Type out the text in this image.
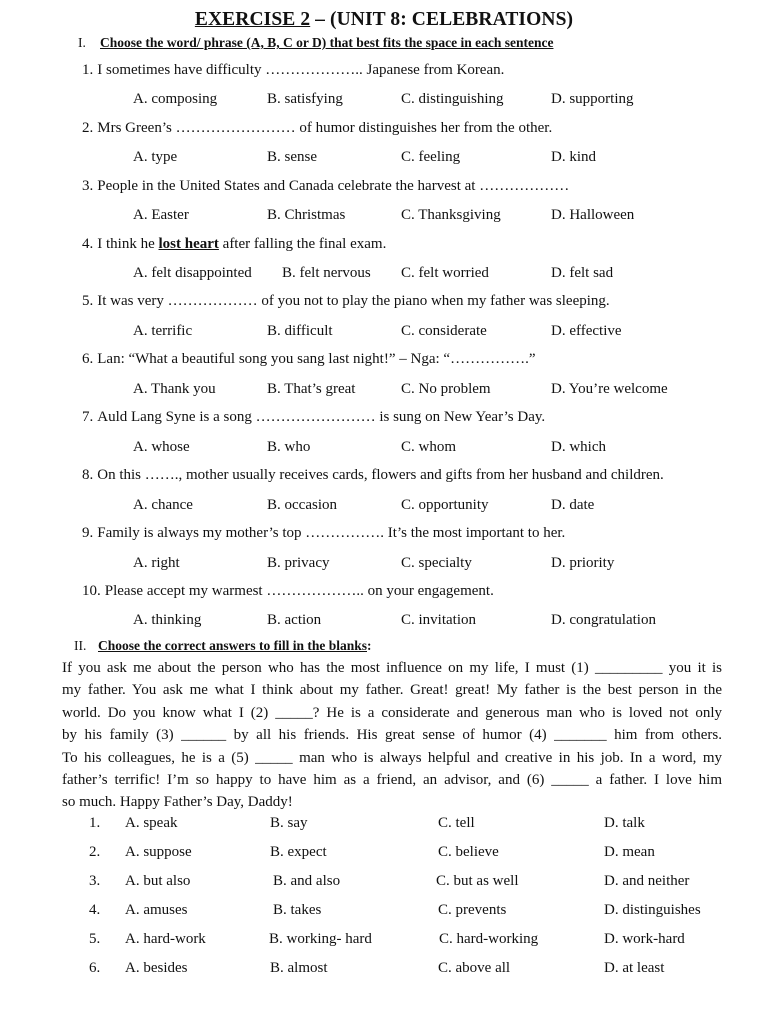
EXERCISE 2 – (UNIT 8: CELEBRATIONS)
I. Choose the word/ phrase (A, B, C or D) that best fits the space in each sentence
1. I sometimes have difficulty ……………….. Japanese from Korean.
A. composing	B. satisfying	C. distinguishing	D. supporting
2. Mrs Green’s …………………… of humor distinguishes her from the other.
A. type	B. sense	C. feeling	D. kind
3. People in the United States and Canada celebrate the harvest at ………………
A. Easter	B. Christmas	C. Thanksgiving	D. Halloween
4. I think he lost heart after falling the final exam.
A. felt disappointed B. felt nervous C. felt worried	D. felt sad
5. It was very ……………… of you not to play the piano when my father was sleeping.
A. terrific	B. difficult	C. considerate	D. effective
6. Lan: “What a beautiful song you sang last night!” – Nga: “…………….”
A. Thank you	B. That’s great	C. No problem	D. You’re welcome
7. Auld Lang Syne is a song …………………… is sung on New Year’s Day.
A. whose	B. who	C. whom	D. which
8. On this ……., mother usually receives cards, flowers and gifts from her husband and children.
A. chance	B. occasion	C. opportunity	D. date
9. Family is always my mother’s top ……………. It’s the most important to her.
A. right	B. privacy	C. specialty	D. priority
10. Please accept my warmest ……………….. on your engagement.
A. thinking	B. action	C. invitation	D. congratulation
II. Choose the correct answers to fill in the blanks:
If you ask me about the person who has the most influence on my life, I must (1) _________ you it is
my father. You ask me what I think about my father. Great! great! My father is the best person in the
world. Do you know what I (2) _____? He is a considerate and generous man who is loved not only
by his family (3) ______ by all his friends. His great sense of humor (4) _______ him from others.
To his colleagues, he is a (5) _____ man who is always helpful and creative in his job. In a word, my
father’s terrific! I’m so happy to have him as a friend, an advisor, and (6) _____ a father. I love him
so much. Happy Father’s Day, Daddy!
1. A. speak	B. say	C. tell	D. talk
2. A. suppose	B. expect	C. believe	D. mean
3. A. but also	B. and also	C. but as well	D. and neither
4. A. amuses	B. takes	C. prevents	D. distinguishes
5. A. hard-work	B. working- hard	C. hard-working	D. work-hard
6. A. besides	B. almost	C. above all	D. at least
